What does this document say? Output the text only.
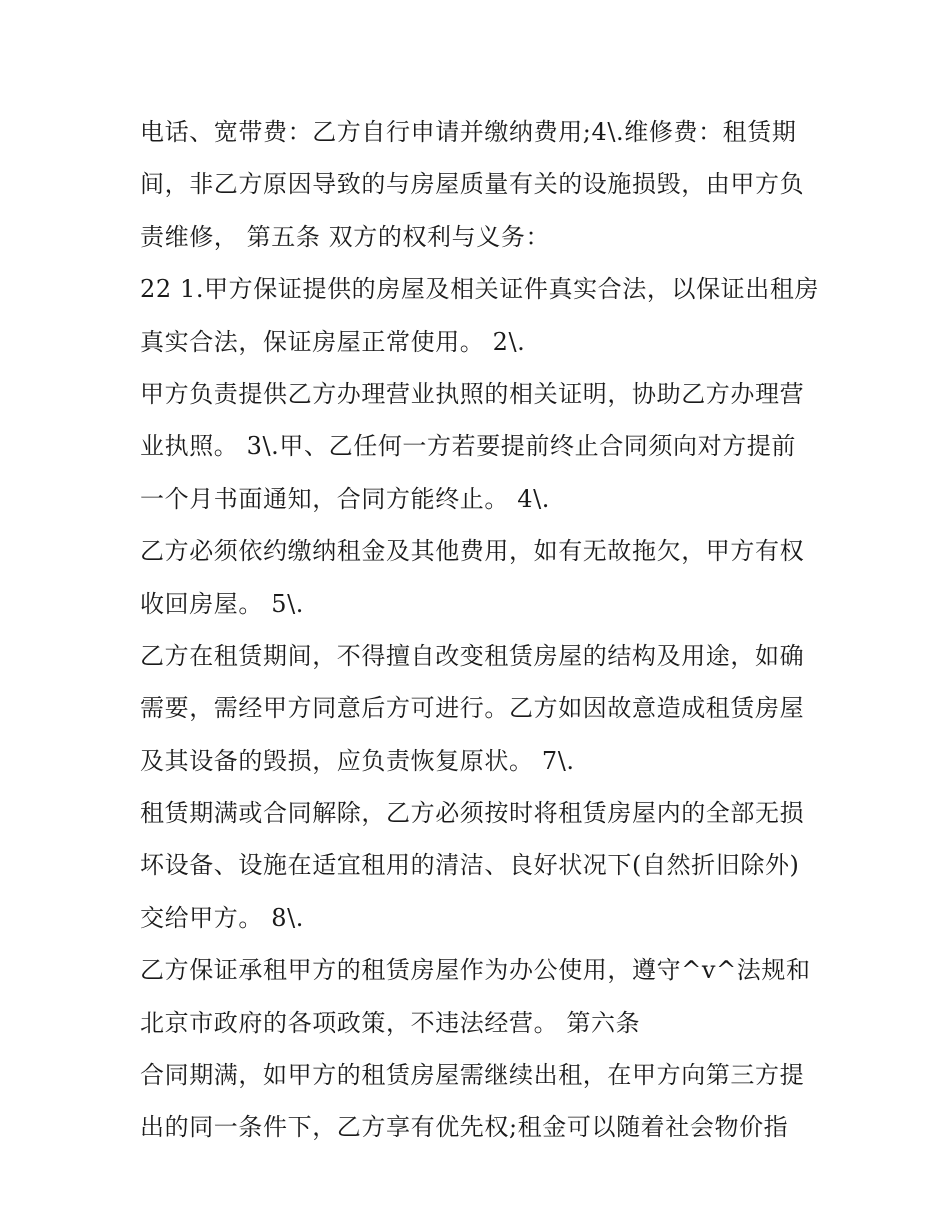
电话、宽带费：乙方自行申请并缴纳费用;4\.维修费：租赁期
间，非乙方原因导致的与房屋质量有关的设施损毁，由甲方负
责维修， 第五条 双方的权利与义务：
22 1.甲方保证提供的房屋及相关证件真实合法，以保证出租房
真实合法，保证房屋正常使用。 2\.
甲方负责提供乙方办理营业执照的相关证明，协助乙方办理营
业执照。 3\.甲、乙任何一方若要提前终止合同须向对方提前
一个月书面通知，合同方能终止。 4\.
乙方必须依约缴纳租金及其他费用，如有无故拖欠，甲方有权
收回房屋。 5\.
乙方在租赁期间，不得擅自改变租赁房屋的结构及用途，如确
需要，需经甲方同意后方可进行。乙方如因故意造成租赁房屋
及其设备的毁损，应负责恢复原状。 7\.
租赁期满或合同解除，乙方必须按时将租赁房屋内的全部无损
坏设备、设施在适宜租用的清洁、良好状况下(自然折旧除外)
交给甲方。 8\.
乙方保证承租甲方的租赁房屋作为办公使用，遵守^v^法规和
北京市政府的各项政策，不违法经营。 第六条
合同期满，如甲方的租赁房屋需继续出租，在甲方向第三方提
出的同一条件下，乙方享有优先权;租金可以随着社会物价指
